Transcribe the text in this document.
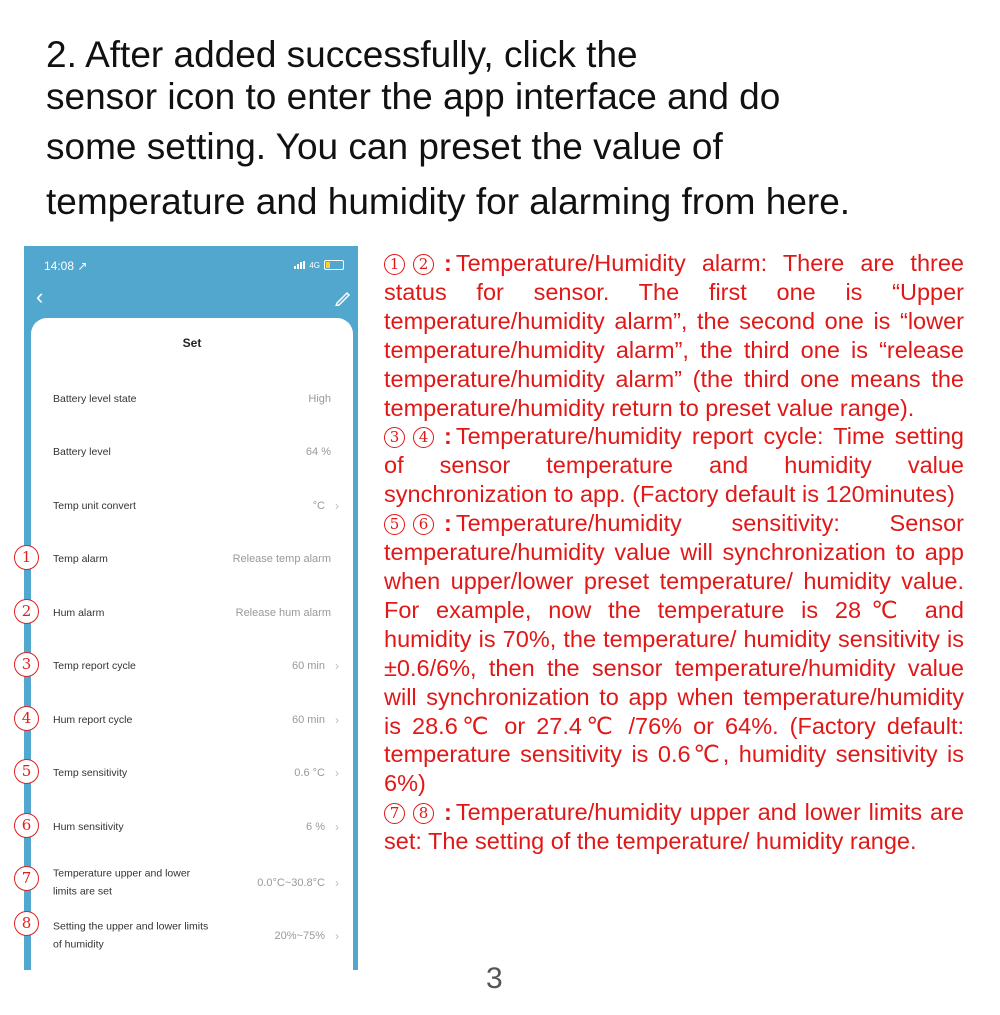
2. After added successfully, click the
sensor icon to enter the app interface and do
some setting. You can preset the value of
temperature and humidity for alarming from here.
14:08 ↗	4G
‹
Set
Battery level state	High
Battery level	64 %
Temp unit convert	°C ›
Temp alarm	Release temp alarm
Hum alarm	Release hum alarm
Temp report cycle	60 min ›
Hum report cycle	60 min ›
Temp sensitivity	0.6 °C ›
Hum sensitivity	6 % ›
Temperature upper and lower limits are set
0.0°C~30.8°C ›
Setting the upper and lower limits of humidity
20%~75% ›
1
2
3
4
5
6
7
8

1 2 : Temperature/Humidity alarm: There are three status for sensor. The first one is “Upper temperature/humidity alarm”, the second one is “lower temperature/humidity alarm”, the third one is “release temperature/humidity alarm” (the third one means the temperature/humidity return to preset value range).

3 4 : Temperature/humidity report cycle: Time setting of sensor temperature and humidity value synchronization to app. (Factory default is 120minutes)

5 6 : Temperature/humidity sensitivity: Sensor temperature/humidity value will synchronization to app when upper/lower preset temperature/ humidity value. For example, now the temperature is 28℃ and humidity is 70%, the temperature/ humidity sensitivity is ±0.6/6%, then the sensor temperature/humidity value will synchronization to app when temperature/humidity is 28.6℃ or 27.4℃ /76% or 64%. (Factory default: temperature sensitivity is 0.6℃, humidity sensitivity is 6%)

7 8 : Temperature/humidity upper and lower limits are set: The setting of the temperature/ humidity range.

3
